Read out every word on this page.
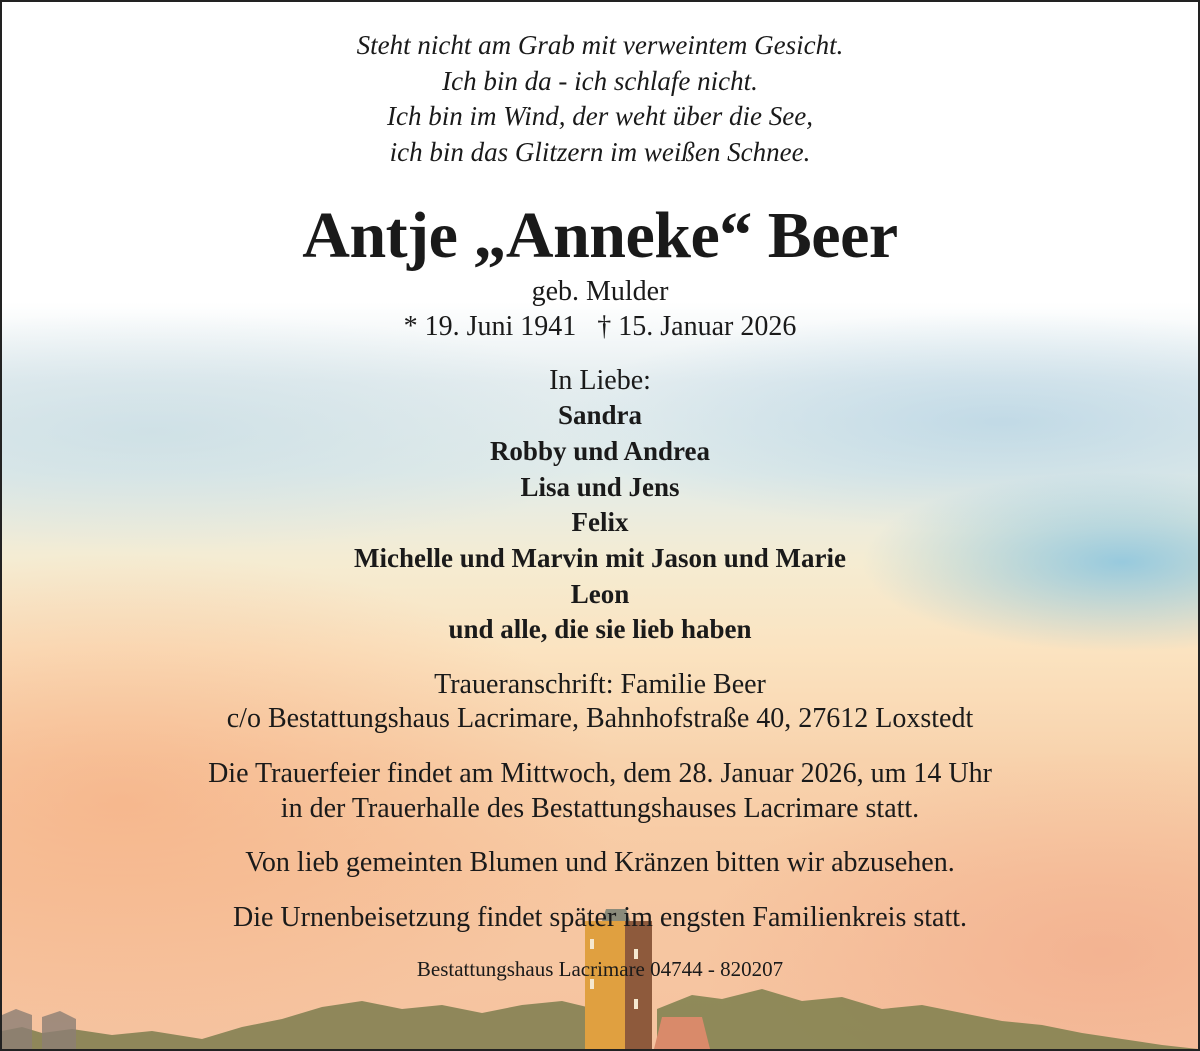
Steht nicht am Grab mit verweintem Gesicht.
Ich bin da - ich schlafe nicht.
Ich bin im Wind, der weht über die See,
ich bin das Glitzern im weißen Schnee.
Antje „Anneke“ Beer
geb. Mulder
* 19. Juni 1941   † 15. Januar 2026
In Liebe:
Sandra
Robby und Andrea
Lisa und Jens
Felix
Michelle und Marvin mit Jason und Marie
Leon
und alle, die sie lieb haben
Traueranschrift: Familie Beer
c/o Bestattungshaus Lacrimare, Bahnhofstraße 40, 27612 Loxstedt
Die Trauerfeier findet am Mittwoch, dem 28. Januar 2026, um 14 Uhr
in der Trauerhalle des Bestattungshauses Lacrimare statt.
Von lieb gemeinten Blumen und Kränzen bitten wir abzusehen.
Die Urnenbeisetzung findet später im engsten Familienkreis statt.
Bestattungshaus Lacrimare 04744 - 820207
